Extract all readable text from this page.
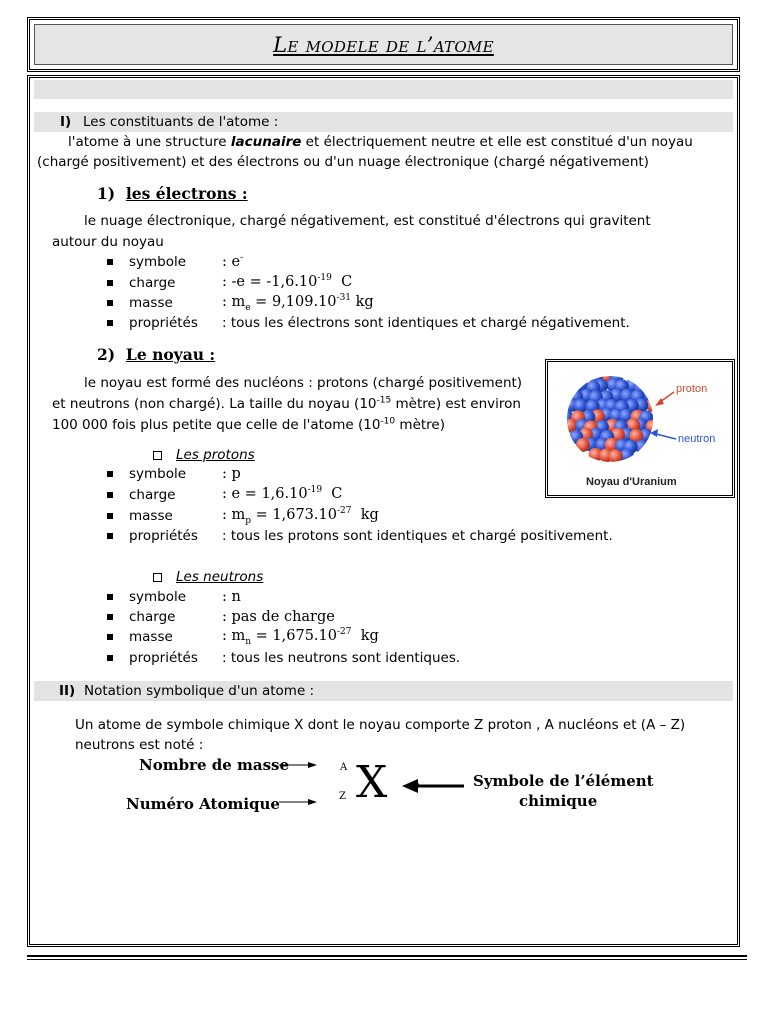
Le modele de l’atome
I) Les constituants de l'atome :
l'atome à une structure lacunaire et électriquement neutre et elle est constitué d'un noyau
(chargé positivement) et des électrons ou d'un nuage électronique (chargé négativement)
1) les électrons :
le nuage électronique, chargé négativement, est constitué d'électrons qui gravitent
autour du noyau
symbole : e-
charge	: $-e = -1,6.10^{-19}$ C
masse	: $m_e = 9,109.10^{-31}$ kg
propriétés : tous les électrons sont identiques et chargé négativement.
2) Le noyau :
le noyau est formé des nucléons : protons (chargé positivement)
et neutrons (non chargé). La taille du noyau ($10^{-15}$ mètre) est environ
100 000 fois plus petite que celle de l'atome ($10^{-10}$ mètre)
proton
neutron
Noyau d'Uranium
Les protons
symbole : p
charge	: $e = 1,6.10^{-19}$ C
masse	: $m_p = 1,673.10^{-27}$ kg
propriétés : tous les protons sont identiques et chargé positivement.
Les neutrons
symbole : n
charge	: pas de charge
masse	: $m_n = 1,675.10^{-27}$ kg
propriétés : tous les neutrons sont identiques.
II) Notation symbolique d'un atome :
Un atome de symbole chimique X dont le noyau comporte Z proton , A nucléons et (A – Z)
neutrons est noté :
Nombre de masse
Numéro Atomique
A
Z X	Symbole de l’élément
chimique
